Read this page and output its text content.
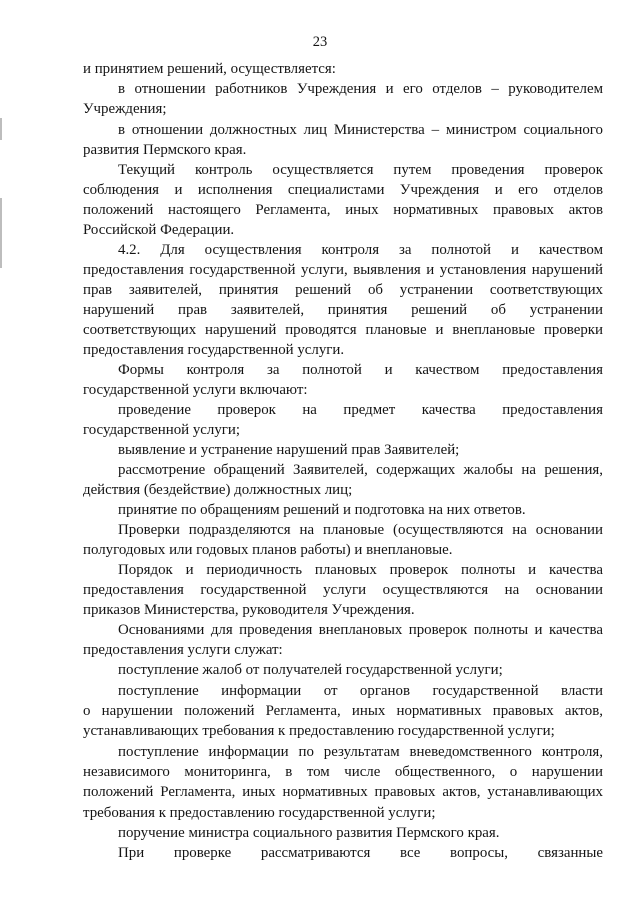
23
и принятием решений, осуществляется:
в отношении работников Учреждения и его отделов – руководителем
Учреждения;
в отношении должностных лиц Министерства – министром социального
развития Пермского края.
Текущий контроль осуществляется путем проведения проверок
соблюдения и исполнения специалистами Учреждения и его отделов
положений настоящего Регламента, иных нормативных правовых актов
Российской Федерации.
4.2. Для осуществления контроля за полнотой и качеством
предоставления государственной услуги, выявления и установления нарушений
прав заявителей, принятия решений об устранении соответствующих
нарушений прав заявителей, принятия решений об устранении
соответствующих нарушений проводятся плановые и внеплановые проверки
предоставления государственной услуги.
Формы контроля за полнотой и качеством предоставления
государственной услуги включают:
проведение проверок на предмет качества предоставления
государственной услуги;
выявление и устранение нарушений прав Заявителей;
рассмотрение обращений Заявителей, содержащих жалобы на решения,
действия (бездействие) должностных лиц;
принятие по обращениям решений и подготовка на них ответов.
Проверки подразделяются на плановые (осуществляются на основании
полугодовых или годовых планов работы) и внеплановые.
Порядок и периодичность плановых проверок полноты и качества
предоставления государственной услуги осуществляются на основании
приказов Министерства, руководителя Учреждения.
Основаниями для проведения внеплановых проверок полноты и качества
предоставления услуги служат:
поступление жалоб от получателей государственной услуги;
поступление информации от органов государственной власти
о нарушении положений Регламента, иных нормативных правовых актов,
устанавливающих требования к предоставлению государственной услуги;
поступление информации по результатам вневедомственного контроля,
независимого мониторинга, в том числе общественного, о нарушении
положений Регламента, иных нормативных правовых актов, устанавливающих
требования к предоставлению государственной услуги;
поручение министра социального развития Пермского края.
При проверке рассматриваются все вопросы, связанные
